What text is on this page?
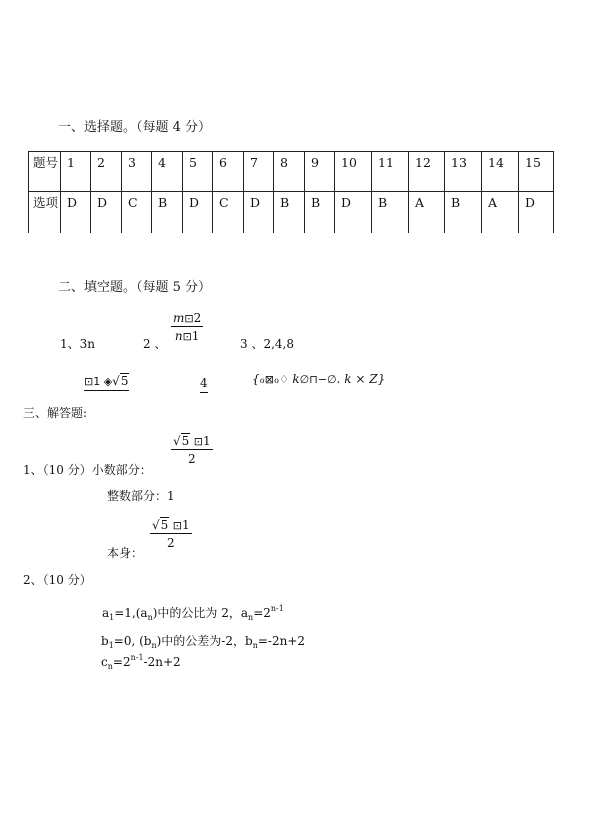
一、选择题。（每题 4 分）
题号	1	2	3	4	5	6	7	8	9	10	11	12	13	14	15
选项	D	D	C	B	D	C	D	B	B	D	B	A	B	A	D
二、填空题。（每题 5 分）
1、3n	2 、
m⊡2
n⊡1
3 、2,4,8
⊡1 ◈√5	4	{ℴ⊠ℴ♢ k∅⊓−∅. k × Z}
三、解答题:
1、（10 分）小数部分：
√5 ⊡1
2
整数部分：1
本身：
√5 ⊡1
2
2、（10 分）
$a_1=1,(a_n)$中的公比为 2，$a_n=2^{n-1}$
$b_1=0$, $(b_n)$中的公差为-2，$b_n=-2n+2$
$c_n=2^{n-1}-2n+2$
